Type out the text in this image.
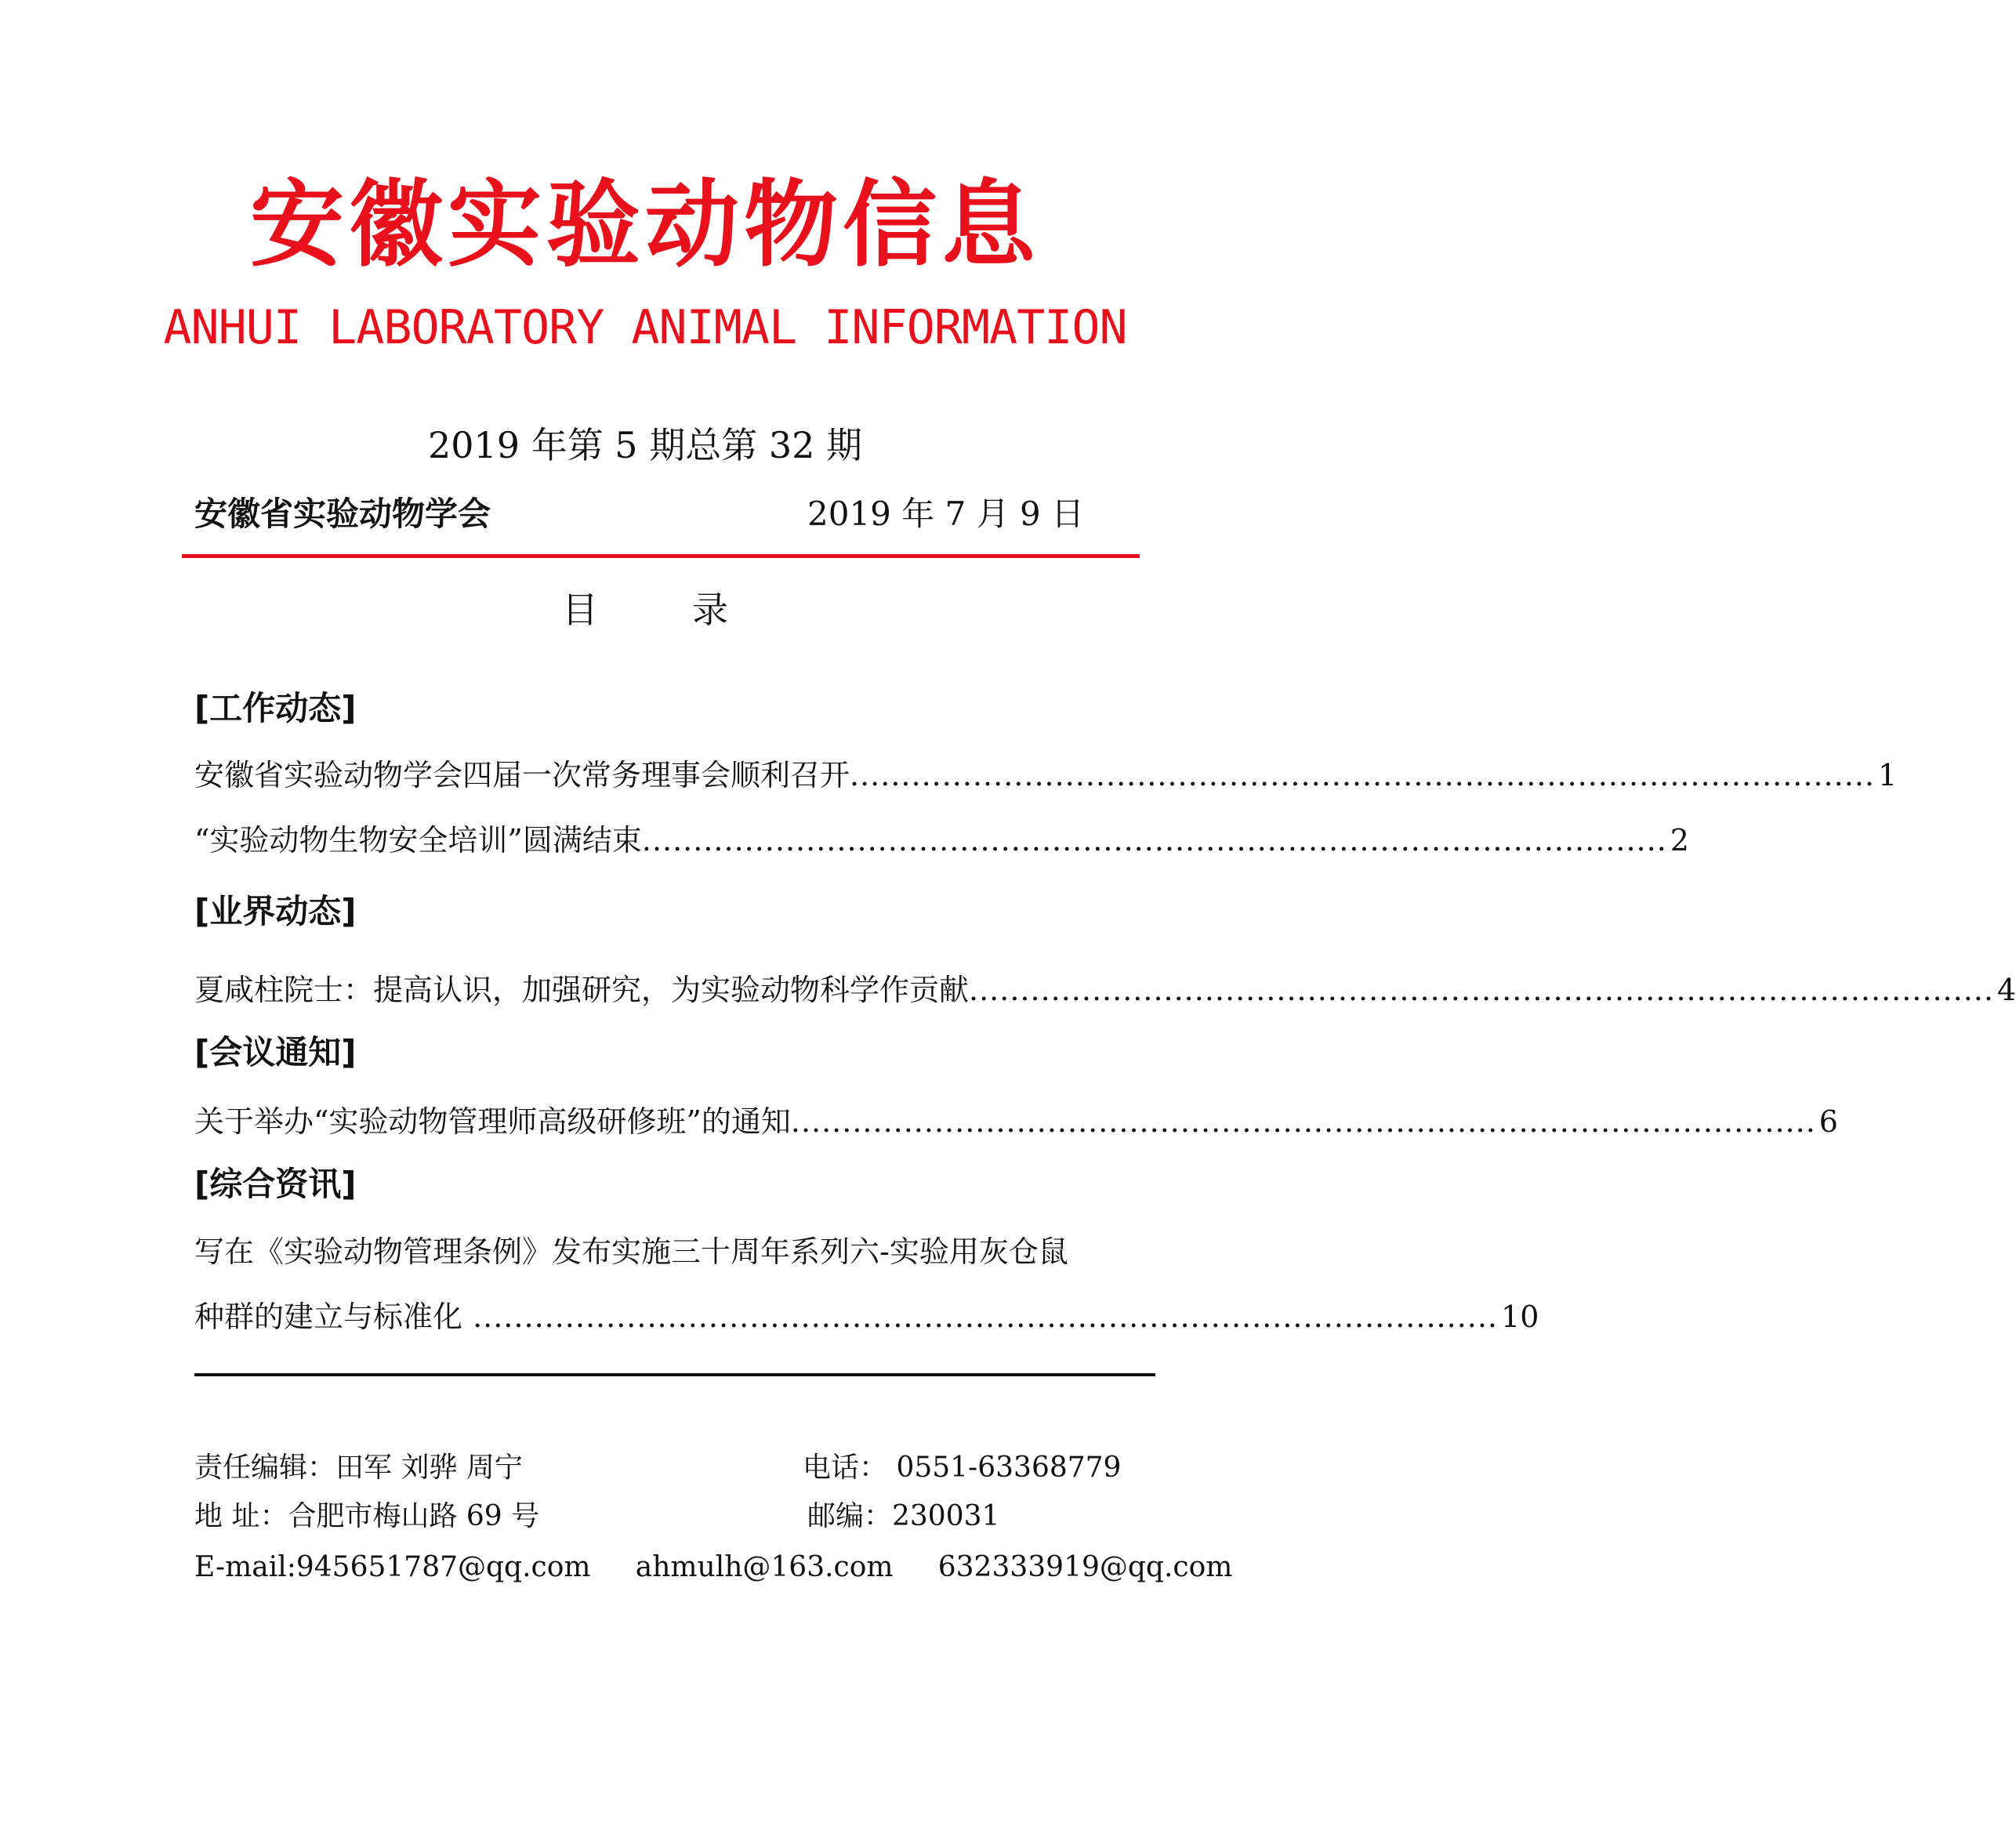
安徽实验动物信息
ANHUI LABORATORY ANIMAL INFORMATION
2019 年第 5 期总第 32 期
安徽省实验动物学会	2019 年 7 月 9 日
目	录
[工作动态]
安徽省实验动物学会四届一次常务理事会顺利召开 .................................................................................................... 1
“实验动物生物安全培训”圆满结束 .................................................................................................... 2
[业界动态]
夏咸柱院士：提高认识，加强研究，为实验动物科学作贡献 .................................................................................................... 4
[会议通知]
关于举办“实验动物管理师高级研修班”的通知 .................................................................................................... 6
[综合资讯]
写在《实验动物管理条例》发布实施三十周年系列六-实验用灰仓鼠
种群的建立与标准化 .................................................................................................... 10
责任编辑：田军 刘骅 周宁	电话： 0551-63368779
地 址：合肥市梅山路 69 号	邮编：230031
E-mail:945651787@qq.com     ahmulh@163.com     632333919@qq.com
